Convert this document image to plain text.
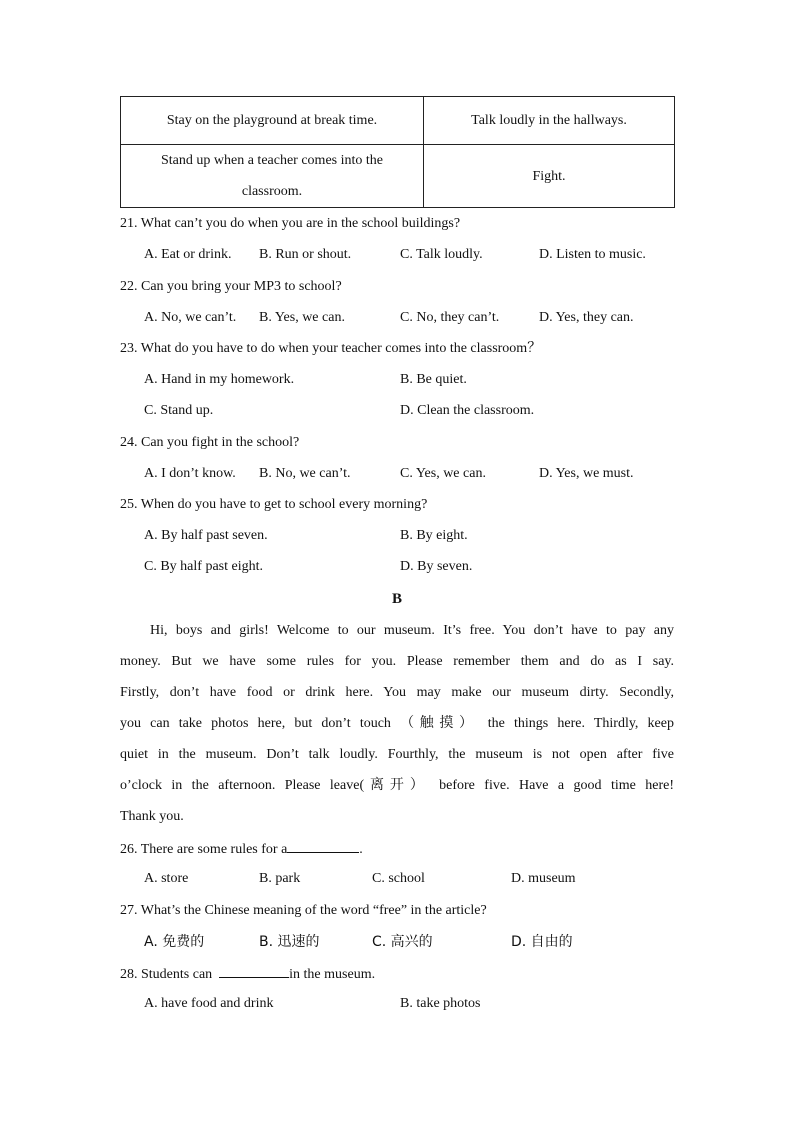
Stay on the playground at break time.	Talk loudly in the hallways.
Stand up when a teacher comes into the classroom.	Fight.
21. What can’t you do when you are in the school buildings?
A. Eat or drink. B. Run or shout.	C. Talk loudly.	D. Listen to music.
22. Can you bring your MP3 to school?
A. No, we can’t. B. Yes, we can.	C. No, they can’t.	D. Yes, they can.
23. What do you have to do when your teacher comes into the classroom？
A. Hand in my homework.	B. Be quiet.
C. Stand up.	D. Clean the classroom.
24. Can you fight in the school?
A. I don’t know. B. No, we can’t.	C. Yes, we can.	D. Yes, we must.
25. When do you have to get to school every morning?
A. By half past seven.	B. By eight.
C. By half past eight.	D. By seven.
B
Hi, boys and girls! Welcome to our museum. It’s free. You don’t have to pay any
money. But we have some rules for you. Please remember them and do as I say.
Firstly, don’t have food or drink here. You may make our museum dirty. Secondly,
you can take photos here, but don’t touch （触摸） the things here. Thirdly, keep
quiet in the museum. Don’t talk loudly. Fourthly, the museum is not open after five
o’clock in the afternoon. Please leave(离开） before five. Have a good time here!
Thank you.
26. There are some rules for a	.
A. store	B. park	C. school	D. museum
27. What’s the Chinese meaning of the word “free” in the article?
A. 免费的	B. 迅速的	C. 高兴的	D. 自由的
28. Students can	in the museum.
A. have food and drink	B. take photos
